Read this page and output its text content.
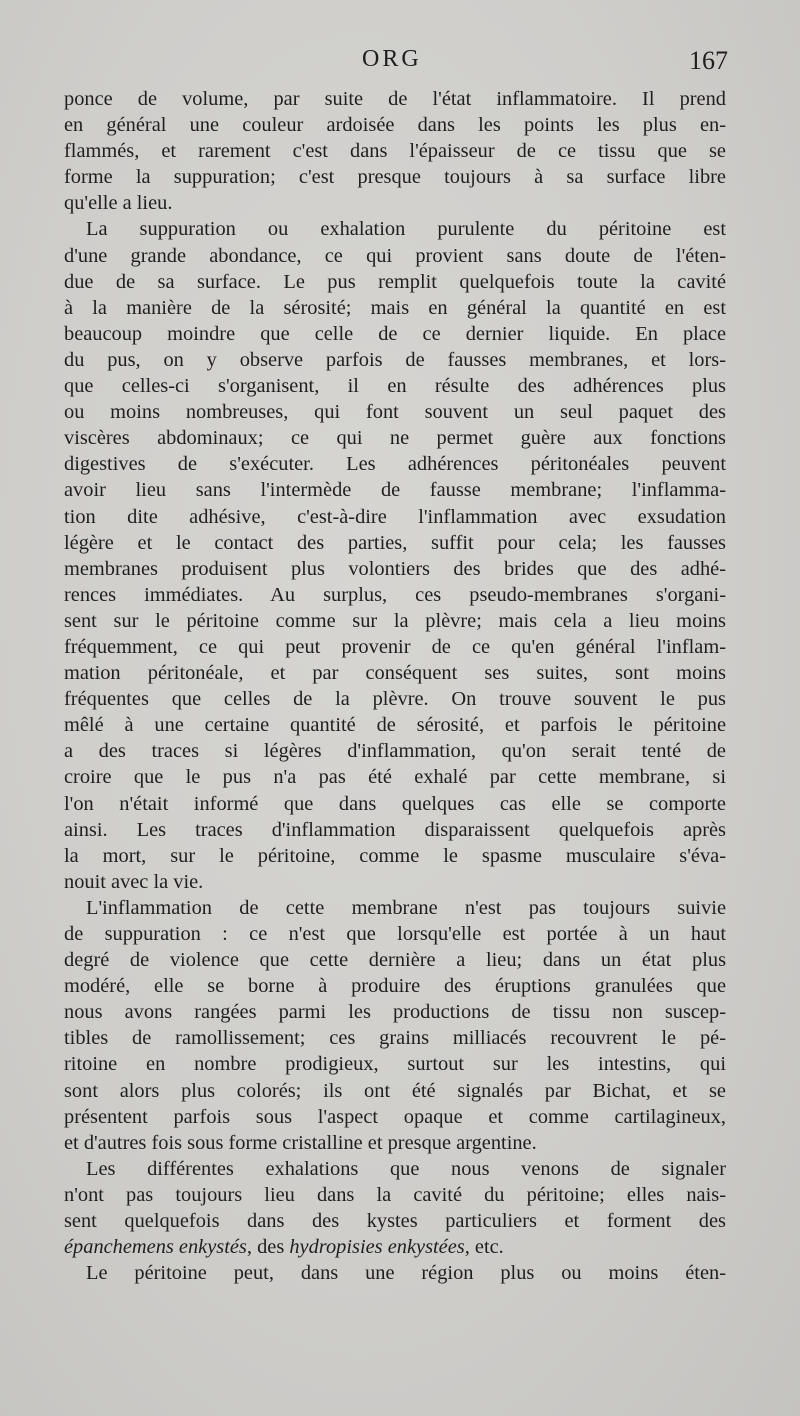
ORG	167
ponce de volume, par suite de l'état inflammatoire. Il prend
en général une couleur ardoisée dans les points les plus en-
flammés, et rarement c'est dans l'épaisseur de ce tissu que se
forme la suppuration; c'est presque toujours à sa surface libre
qu'elle a lieu.
La suppuration ou exhalation purulente du péritoine est
d'une grande abondance, ce qui provient sans doute de l'éten-
due de sa surface. Le pus remplit quelquefois toute la cavité
à la manière de la sérosité; mais en général la quantité en est
beaucoup moindre que celle de ce dernier liquide. En place
du pus, on y observe parfois de fausses membranes, et lors-
que celles-ci s'organisent, il en résulte des adhérences plus
ou moins nombreuses, qui font souvent un seul paquet des
viscères abdominaux; ce qui ne permet guère aux fonctions
digestives de s'exécuter. Les adhérences péritonéales peuvent
avoir lieu sans l'intermède de fausse membrane; l'inflamma-
tion dite adhésive, c'est-à-dire l'inflammation avec exsudation
légère et le contact des parties, suffit pour cela; les fausses
membranes produisent plus volontiers des brides que des adhé-
rences immédiates. Au surplus, ces pseudo-membranes s'organi-
sent sur le péritoine comme sur la plèvre; mais cela a lieu moins
fréquemment, ce qui peut provenir de ce qu'en général l'inflam-
mation péritonéale, et par conséquent ses suites, sont moins
fréquentes que celles de la plèvre. On trouve souvent le pus
mêlé à une certaine quantité de sérosité, et parfois le péritoine
a des traces si légères d'inflammation, qu'on serait tenté de
croire que le pus n'a pas été exhalé par cette membrane, si
l'on n'était informé que dans quelques cas elle se comporte
ainsi. Les traces d'inflammation disparaissent quelquefois après
la mort, sur le péritoine, comme le spasme musculaire s'éva-
nouit avec la vie.
L'inflammation de cette membrane n'est pas toujours suivie
de suppuration : ce n'est que lorsqu'elle est portée à un haut
degré de violence que cette dernière a lieu; dans un état plus
modéré, elle se borne à produire des éruptions granulées que
nous avons rangées parmi les productions de tissu non suscep-
tibles de ramollissement; ces grains milliacés recouvrent le pé-
ritoine en nombre prodigieux, surtout sur les intestins, qui
sont alors plus colorés; ils ont été signalés par Bichat, et se
présentent parfois sous l'aspect opaque et comme cartilagineux,
et d'autres fois sous forme cristalline et presque argentine.
Les différentes exhalations que nous venons de signaler
n'ont pas toujours lieu dans la cavité du péritoine; elles nais-
sent quelquefois dans des kystes particuliers et forment des
épanchemens enkystés, des hydropisies enkystées, etc.
Le péritoine peut, dans une région plus ou moins éten-
